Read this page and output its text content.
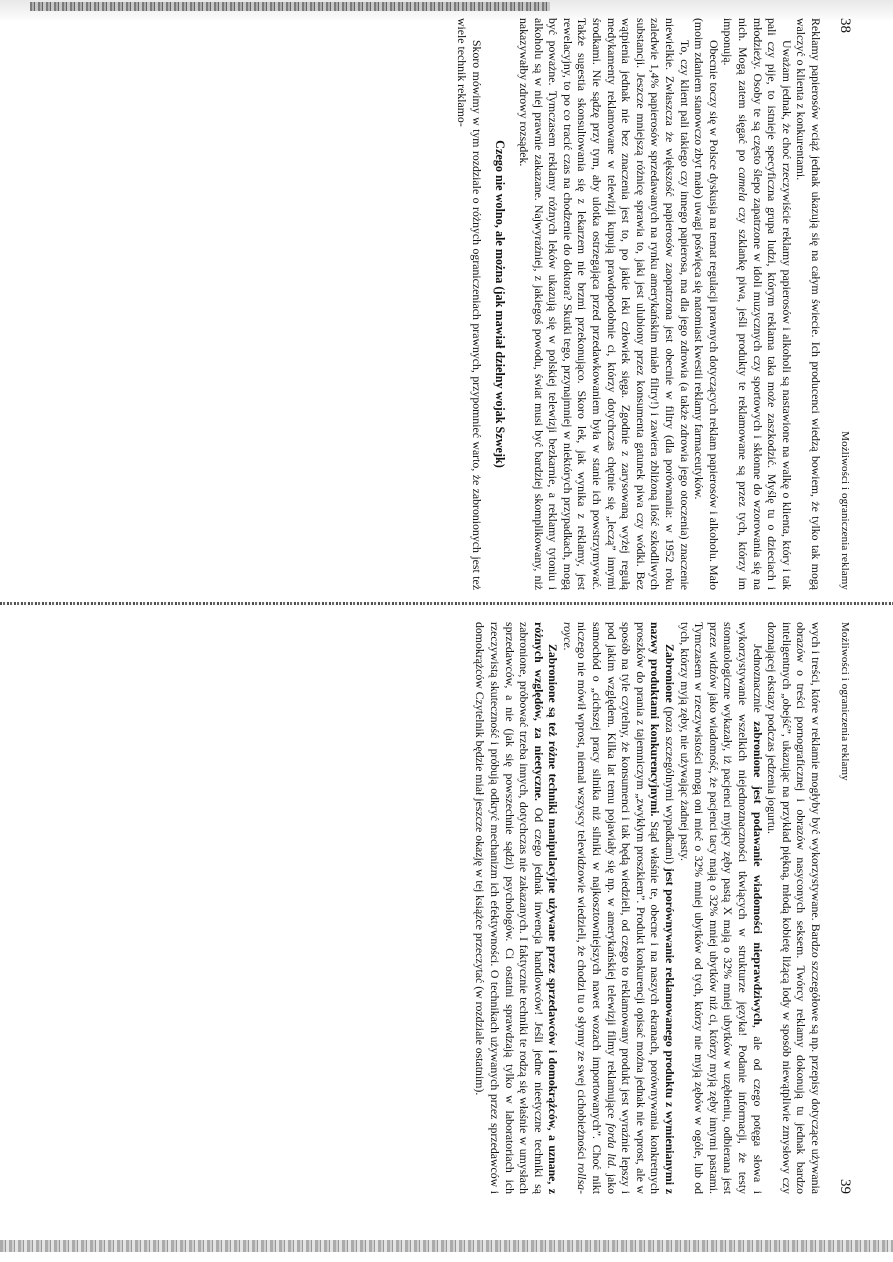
38
Możliwości i ograniczenia reklamy

Reklamy papierosów wciąż jednak ukazują się na całym świecie. Ich producenci wiedzą bowiem, że tylko tak mogą walczyć o klienta z konkurentami.

Uważam jednak, że choć rzeczywiście reklamy papierosów i alkoholi są nastawione na walkę o klienta, który i tak pali czy pije, to istnieje specyficzna grupa ludzi, którym reklama taka może zaszkodzić. Myślę tu o dzieciach i młodzieży. Osoby te są często ślepo zapatrzone w idoli muzycznych czy sportowych i skłonne do wzorowania się na nich. Mogą zatem sięgać po camela czy szklankę piwa, jeśli produkty te reklamowane są przez tych, którzy im imponują.

Obecnie toczy się w Polsce dyskusja na temat regulacji prawnych dotyczących reklam papierosów i alkoholu. Mało (moim zdaniem stanowczo zbyt mało) uwagi poświęca się natomiast kwestii reklamy farmaceutyków.

To, czy klient pali takiego czy innego papierosa, ma dla jego zdrowia (a także zdrowia jego otoczenia) znaczenie niewielkie. Zwłaszcza że większość papierosów zaopatrzona jest obecnie w filtry (dla porównania: w 1952 roku zaledwie 1,4% papierosów sprzedawanych na rynku amerykańskim miało filtry!) i zawiera zbliżoną ilość szkodliwych substancji. Jeszcze mniejszą różnicę sprawia to, jaki jest ulubiony przez konsumenta gatunek piwa czy wódki. Bez wątpienia jednak nie bez znaczenia jest to, po jakie leki człowiek sięga. Zgodnie z zarysowaną wyżej regułą medykamenty reklamowane w telewizji kupują prawdopodobnie ci, którzy dotychczas chętnie się „leczą” innymi środkami. Nie sądzę przy tym, aby ulotka ostrzegająca przed przedawkowaniem była w stanie ich powstrzymywać. Także sugestia skonsultowania się z lekarzem nie brzmi przekonująco. Skoro lek, jak wynika z reklamy, jest rewelacyjny, to po co tracić czas na chodzenie do doktora? Skutki tego, przynajmniej w niektórych przypadkach, mogą być poważne. Tymczasem reklamy różnych leków ukazują się w polskiej telewizji bezkarnie, a reklamy tytoniu i alkoholu są w niej prawnie zakazane. Najwyraźniej, z jakiegoś powodu, świat musi być bardziej skomplikowany, niż nakazywałby zdrowy rozsądek.

Czego nie wolno, ale można (jak mawiał dzielny wojak Szwejk)

Skoro mówimy w tym rozdziale o różnych ograniczeniach prawnych, przypomnieć warto, że zabronionych jest też wiele technik reklamo-

Możliwości i ograniczenia reklamy
39

wych i treści, które w reklamie mogłyby być wykorzystywane. Bardzo szczegółowe są np. przepisy dotyczące używania obrazów o treści pornograficznej i obrazów nasyconych seksem. Twórcy reklamy dokonują tu jednak bardzo inteligentnych „obejść”, ukazując na przykład piękną, młodą kobietę liżącą lody w sposób niewątpliwie zmysłowy czy doznającej ekstazy podczas jedzenia jogurtu.

Jednoznacznie zabronione jest podawanie wiadomości nieprawdziwych, ale od czego potęga słowa i wykorzystywanie wszelkich niejednoznaczności tkwiących w strukturze języka! Podanie informacji, że testy stomatologiczne wykazały, iż pacjenci myjący zęby pastą X mają o 32% mniej ubytków w uzębieniu, odbierana jest przez widzów jako wiadomość, że pacjenci tacy mają o 32% mniej ubytków niż ci, którzy myją zęby innymi pastami. Tymczasem w rzeczywistości mogą oni mieć o 32% mniej ubytków od tych, którzy nie myją zębów w ogóle, lub od tych, którzy myją zęby, nie używając żadnej pasty.

Zabronione (poza szczególnymi wypadkami) jest porównywanie reklamowanego produktu z wymienianymi z nazwy produktami konkurencyjnymi. Stąd właśnie te, obecne i na naszych ekranach, porównywania konkretnych proszków do prania z tajemniczym „zwykłym proszkiem”. Produkt konkurencji opisać można jednak nie wprost, ale w sposób na tyle czytelny, że konsumenci i tak będą wiedzieli, od czego to reklamowany produkt jest wyraźnie lepszy i pod jakim względem. Kilka lat temu pojawiały się np. w amerykańskiej telewizji filmy reklamujące forda ltd. jako samochód o „cichszej pracy silnika niż silniki w najkosztowniejszych nawet wozach importowanych”. Choć nikt niczego nie mówił wprost, niemal wszyscy telewidzowie wiedzieli, że chodzi tu o słynny ze swej cichobieżności rollsa-royce.

Zabronione są też różne techniki manipulacyjne używane przez sprzedawców i domokrążców, a uznane, z różnych względów, za nieetyczne. Od czego jednak inwencja handlowców! Jeśli jedne nieetyczne techniki są zabronione, próbować trzeba innych, dotychczas nie zakazanych. I faktycznie techniki te rodzą się właśnie w umysłach sprzedawców, a nie (jak się powszechnie sądzi) psychologów. Ci ostatni sprawdzają tylko w laboratoriach ich rzeczywistą skuteczność i próbują odkryć mechanizm ich efektywności. O technikach używanych przez sprzedawców i domokrążców Czytelnik będzie miał jeszcze okazję w tej książce przeczytać (w rozdziale ostatnim).
